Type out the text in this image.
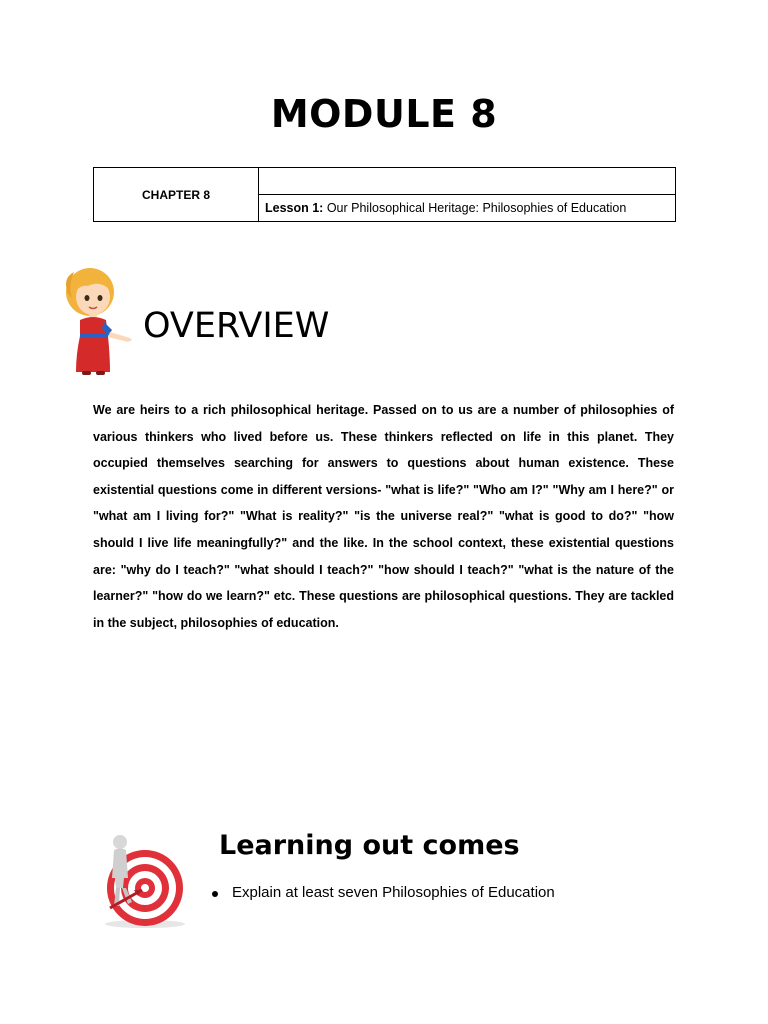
MODULE 8
CHAPTER 8	
Lesson 1: Our Philosophical Heritage: Philosophies of Education
OVERVIEW

We are heirs to a rich philosophical heritage. Passed on to us are a number of philosophies of various thinkers who lived before us. These thinkers reflected on life in this planet. They occupied themselves searching for answers to questions about human existence. These existential questions come in different versions- "what is life?" "Who am I?" "Why am I here?" or "what am I living for?" "What is reality?" "is the universe real?" "what is good to do?" "how should I live life meaningfully?" and the like. In the school context, these existential questions are: "why do I teach?" "what should I teach?" "how should I teach?" "what is the nature of the learner?" "how do we learn?" etc. These questions are philosophical questions. They are tackled in the subject, philosophies of education.

Learning out comes
Explain at least seven Philosophies of Education
